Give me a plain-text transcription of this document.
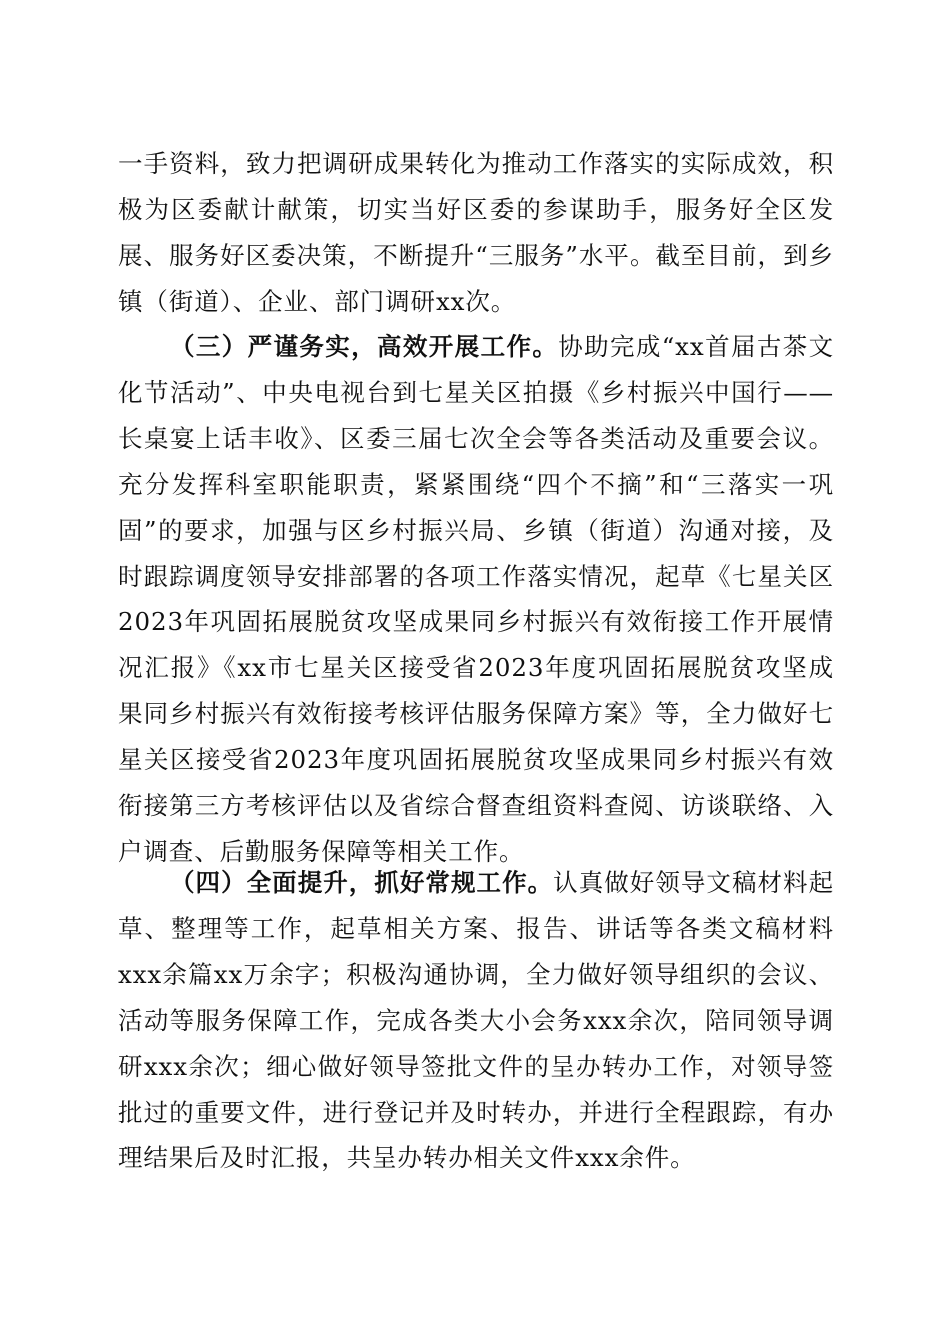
一手资料，致力把调研成果转化为推动工作落实的实际成效，积极为区委献计献策，切实当好区委的参谋助手，服务好全区发展、服务好区委决策，不断提升“三服务”水平。截至目前，到乡镇（街道）、企业、部门调研xx次。

（三）严谨务实，高效开展工作。协助完成“xx首届古茶文化节活动”、中央电视台到七星关区拍摄《乡村振兴中国行——长桌宴上话丰收》、区委三届七次全会等各类活动及重要会议。充分发挥科室职能职责，紧紧围绕“四个不摘”和“三落实一巩固”的要求，加强与区乡村振兴局、乡镇（街道）沟通对接，及时跟踪调度领导安排部署的各项工作落实情况，起草《七星关区2023年巩固拓展脱贫攻坚成果同乡村振兴有效衔接工作开展情况汇报》《xx市七星关区接受省2023年度巩固拓展脱贫攻坚成果同乡村振兴有效衔接考核评估服务保障方案》等，全力做好七星关区接受省2023年度巩固拓展脱贫攻坚成果同乡村振兴有效衔接第三方考核评估以及省综合督查组资料查阅、访谈联络、入户调查、后勤服务保障等相关工作。

（四）全面提升，抓好常规工作。认真做好领导文稿材料起草、整理等工作，起草相关方案、报告、讲话等各类文稿材料xxx余篇xx万余字；积极沟通协调，全力做好领导组织的会议、活动等服务保障工作，完成各类大小会务xxx余次，陪同领导调研xxx余次；细心做好领导签批文件的呈办转办工作，对领导签批过的重要文件，进行登记并及时转办，并进行全程跟踪，有办理结果后及时汇报，共呈办转办相关文件xxx余件。
